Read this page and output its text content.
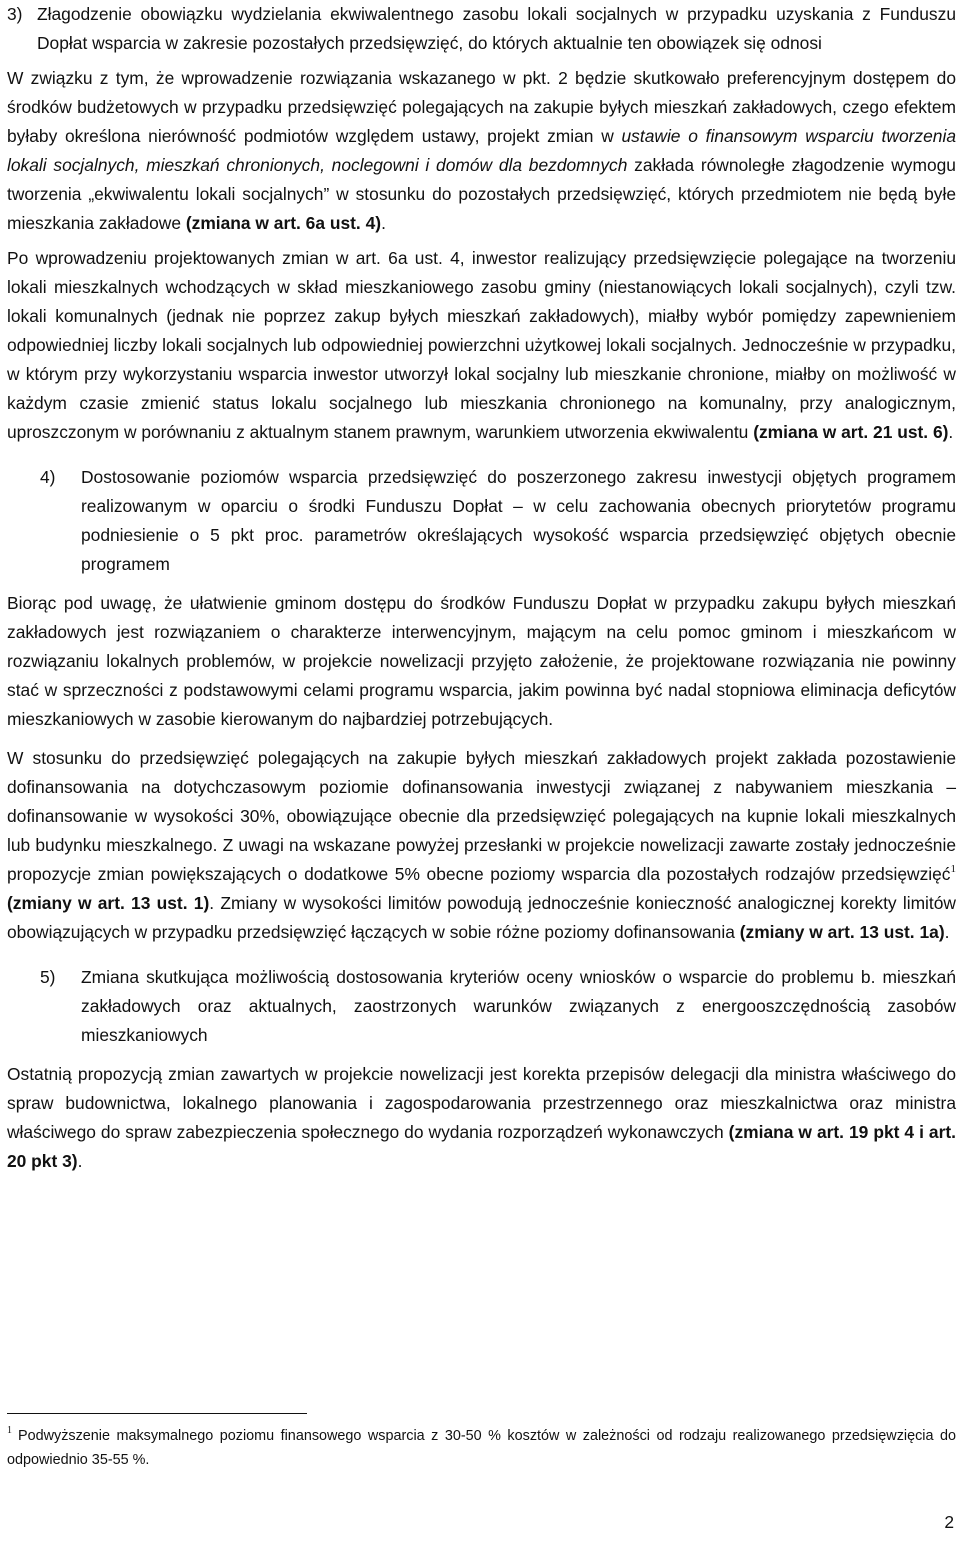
3) Złagodzenie obowiązku wydzielania ekwiwalentnego zasobu lokali socjalnych w przypadku uzyskania z Funduszu Dopłat wsparcia w zakresie pozostałych przedsięwzięć, do których aktualnie ten obowiązek się odnosi

W związku z tym, że wprowadzenie rozwiązania wskazanego w pkt. 2 będzie skutkowało preferencyjnym dostępem do środków budżetowych w przypadku przedsięwzięć polegających na zakupie byłych mieszkań zakładowych, czego efektem byłaby określona nierówność podmiotów względem ustawy, projekt zmian w ustawie o finansowym wsparciu tworzenia lokali socjalnych, mieszkań chronionych, noclegowni i domów dla bezdomnych zakłada równoległe złagodzenie wymogu tworzenia „ekwiwalentu lokali socjalnych” w stosunku do pozostałych przedsięwzięć, których przedmiotem nie będą byłe mieszkania zakładowe (zmiana w art. 6a ust. 4).

Po wprowadzeniu projektowanych zmian w art. 6a ust. 4, inwestor realizujący przedsięwzięcie polegające na tworzeniu lokali mieszkalnych wchodzących w skład mieszkaniowego zasobu gminy (niestanowiących lokali socjalnych), czyli tzw. lokali komunalnych (jednak nie poprzez zakup byłych mieszkań zakładowych), miałby wybór pomiędzy zapewnieniem odpowiedniej liczby lokali socjalnych lub odpowiedniej powierzchni użytkowej lokali socjalnych. Jednocześnie w przypadku, w którym przy wykorzystaniu wsparcia inwestor utworzył lokal socjalny lub mieszkanie chronione, miałby on możliwość w każdym czasie zmienić status lokalu socjalnego lub mieszkania chronionego na komunalny, przy analogicznym, uproszczonym w porównaniu z aktualnym stanem prawnym, warunkiem utworzenia ekwiwalentu (zmiana w art. 21 ust. 6).

4)	Dostosowanie poziomów wsparcia przedsięwzięć do poszerzonego zakresu inwestycji objętych programem realizowanym w oparciu o środki Funduszu Dopłat – w celu zachowania obecnych priorytetów programu podniesienie o 5 pkt proc. parametrów określających wysokość wsparcia przedsięwzięć objętych obecnie programem

Biorąc pod uwagę, że ułatwienie gminom dostępu do środków Funduszu Dopłat w przypadku zakupu byłych mieszkań zakładowych jest rozwiązaniem o charakterze interwencyjnym, mającym na celu pomoc gminom i mieszkańcom w rozwiązaniu lokalnych problemów, w projekcie nowelizacji przyjęto założenie, że projektowane rozwiązania nie powinny stać w sprzeczności z podstawowymi celami programu wsparcia, jakim powinna być nadal stopniowa eliminacja deficytów mieszkaniowych w zasobie kierowanym do najbardziej potrzebujących.

W stosunku do przedsięwzięć polegających na zakupie byłych mieszkań zakładowych projekt zakłada pozostawienie dofinansowania na dotychczasowym poziomie dofinansowania inwestycji związanej z nabywaniem mieszkania – dofinansowanie w wysokości 30%, obowiązujące obecnie dla przedsięwzięć polegających na kupnie lokali mieszkalnych lub budynku mieszkalnego. Z uwagi na wskazane powyżej przesłanki w projekcie nowelizacji zawarte zostały jednocześnie propozycje zmian powiększających o dodatkowe 5% obecne poziomy wsparcia dla pozostałych rodzajów przedsięwzięć$^1$ (zmiany w art. 13 ust. 1). Zmiany w wysokości limitów powodują jednocześnie konieczność analogicznej korekty limitów obowiązujących w przypadku przedsięwzięć łączących w sobie różne poziomy dofinansowania (zmiany w art. 13 ust. 1a).

5)	Zmiana skutkująca możliwością dostosowania kryteriów oceny wniosków o wsparcie do problemu b. mieszkań zakładowych oraz aktualnych, zaostrzonych warunków związanych z energooszczędnością zasobów mieszkaniowych

Ostatnią propozycją zmian zawartych w projekcie nowelizacji jest korekta przepisów delegacji dla ministra właściwego do spraw budownictwa, lokalnego planowania i zagospodarowania przestrzennego oraz mieszkalnictwa oraz ministra właściwego do spraw zabezpieczenia społecznego do wydania rozporządzeń wykonawczych (zmiana w art. 19 pkt 4 i art. 20 pkt 3).

$^1$ Podwyższenie maksymalnego poziomu finansowego wsparcia z 30-50 % kosztów w zależności od rodzaju realizowanego przedsięwzięcia do odpowiednio 35-55 %.
2
